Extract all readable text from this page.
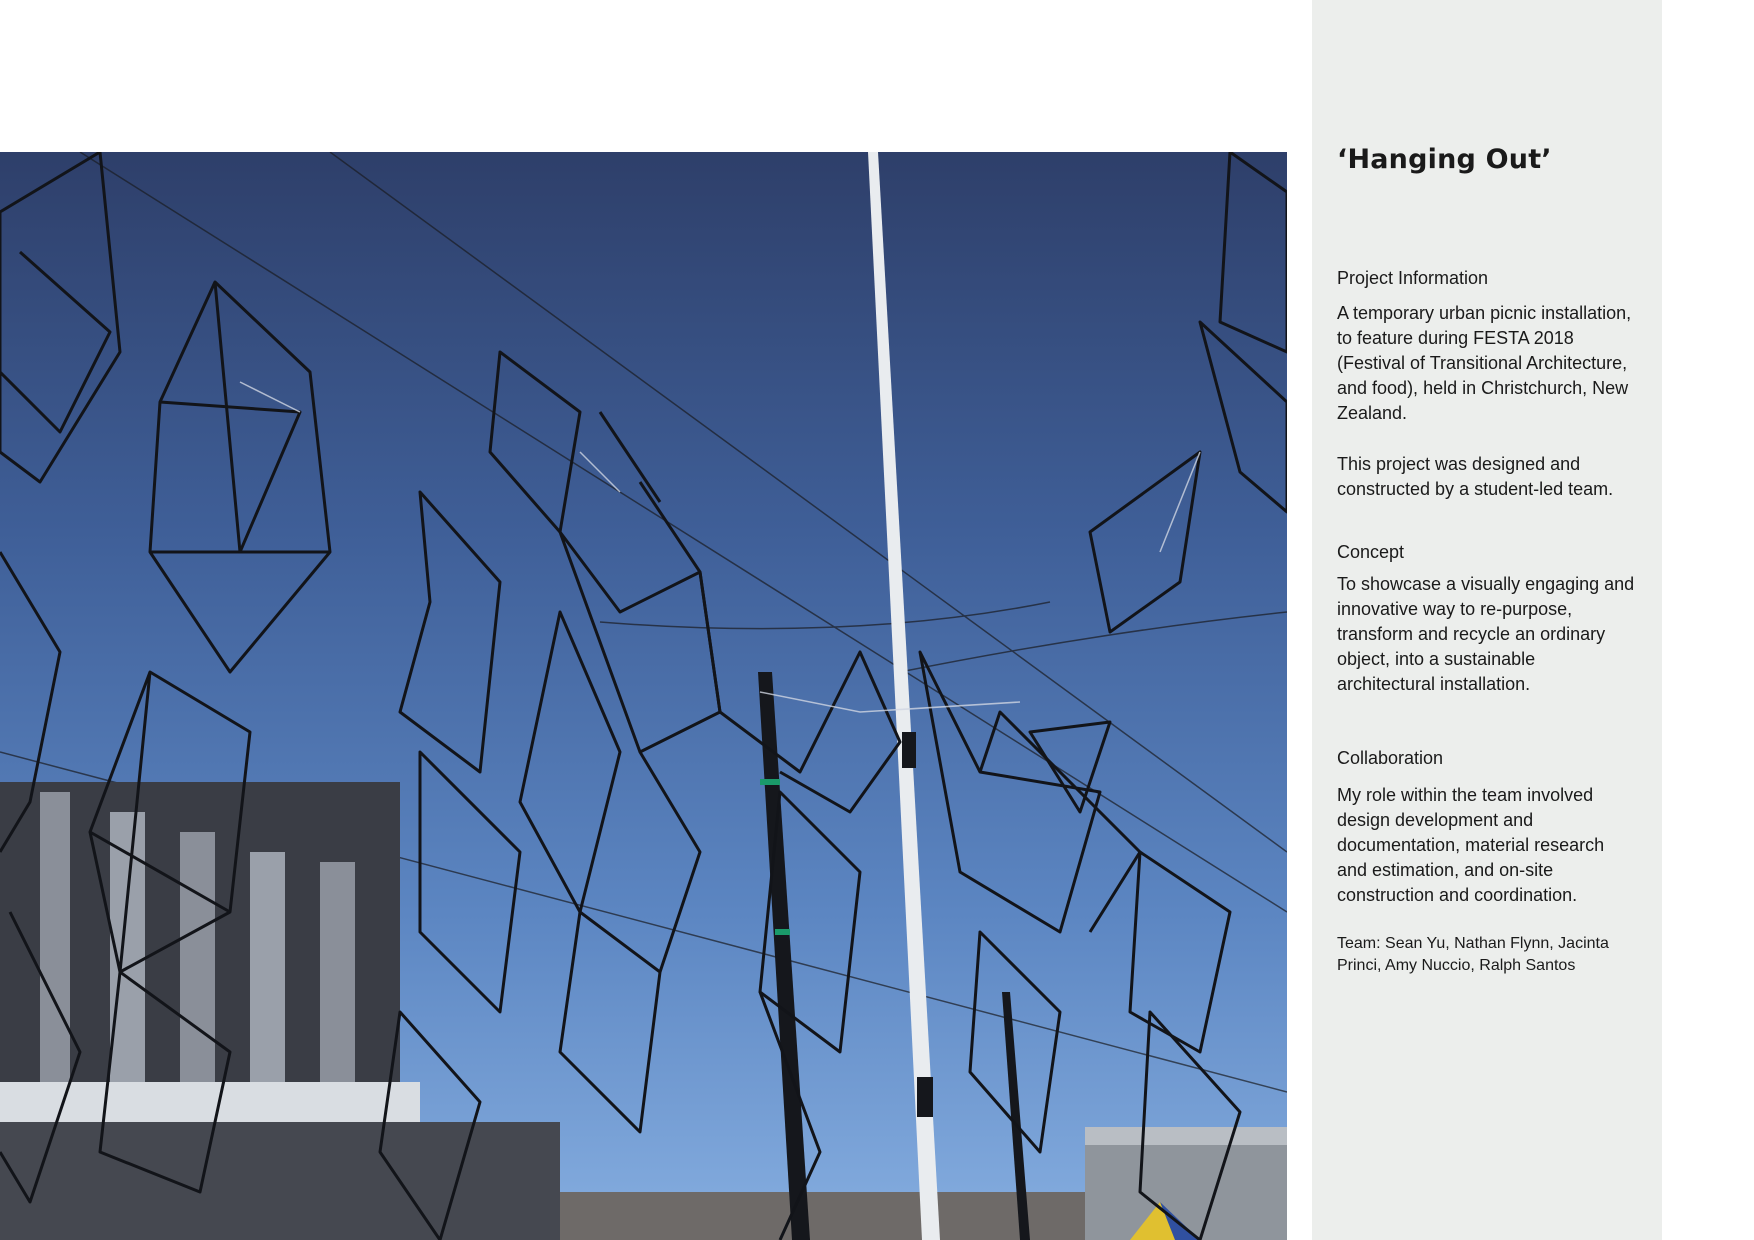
‘Hanging Out’
Project Information

A temporary urban picnic installation, to feature during FESTA 2018 (Festival of Transitional Architecture, and food), held in Christchurch, New Zealand.

This project was designed and constructed by a student-led team.

Concept

To showcase a visually engaging and innovative way to re-purpose, transform and recycle an ordinary object, into a sustainable architectural installation.

Collaboration

My role within the team involved design development and documentation, material research and estimation, and on-site construction and coordination.

Team: Sean Yu, Nathan Flynn, Jacinta Princi, Amy Nuccio, Ralph Santos
